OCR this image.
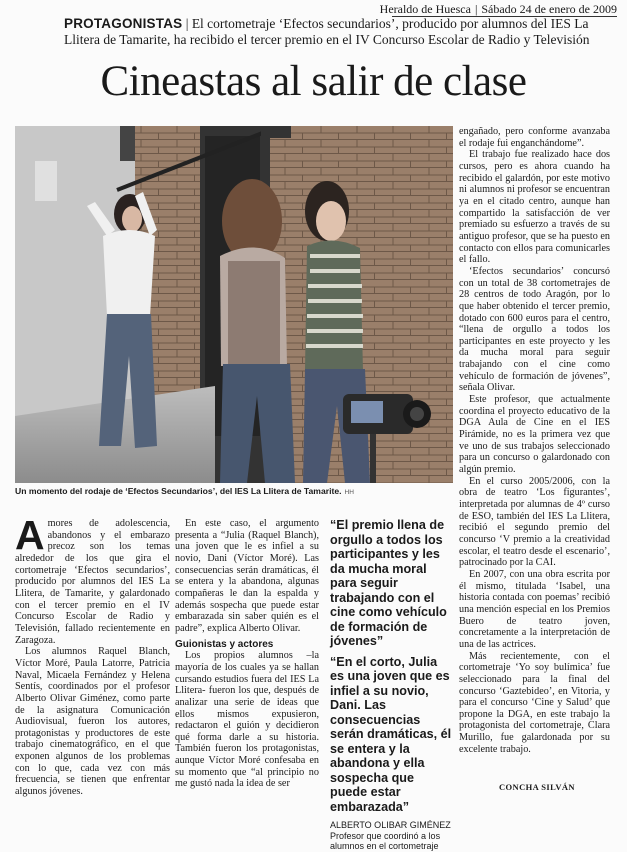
Heraldo de Huesca | Sábado 24 de enero de 2009
PROTAGONISTAS | El cortometraje ‘Efectos secundarios’, producido por alumnos del IES La Llitera de Tamarite, ha recibido el tercer premio en el IV Concurso Escolar de Radio y Televisión
Cineastas al salir de clase
Un momento del rodaje de ‘Efectos Secundarios’, del IES La Llitera de Tamarite. HH

engañado, pero conforme avanzaba el rodaje fui enganchándome”.

El trabajo fue realizado hace dos cursos, pero es ahora cuando ha recibido el galardón, por este motivo ni alumnos ni profesor se encuentran ya en el citado centro, aunque han compartido la satisfacción de ver premiado su esfuerzo a través de su antiguo profesor, que se ha puesto en contacto con ellos para comunicarles el fallo.

‘Efectos secundarios’ concursó con un total de 38 cortometrajes de 28 centros de todo Aragón, por lo que haber obtenido el tercer premio, dotado con 600 euros para el centro, “llena de orgullo a todos los participantes en este proyecto y les da mucha moral para seguir trabajando con el cine como vehículo de formación de jóvenes”, señala Olivar.

Este profesor, que actualmente coordina el proyecto educativo de la DGA Aula de Cine en el IES Pirámide, no es la primera vez que ve uno de sus trabajos seleccionado para un concurso o galardonado con algún premio.

En el curso 2005/2006, con la obra de teatro ‘Los figurantes’, interpretada por alumnas de 4º curso de ESO, también del IES La Llitera, recibió el segundo premio del concurso ‘V premio a la creatividad escolar, el teatro desde el escenario’, patrocinado por la CAI.

En 2007, con una obra escrita por él mismo, titulada ‘Isabel, una historia contada con poemas’ recibió una mención especial en los Premios Buero de teatro joven, concretamente a la interpretación de una de las actrices.

Más recientemente, con el cortometraje ‘Yo soy bulímica’ fue seleccionado para la final del concurso ‘Gaztebideo’, en Vitoria, y para el concurso ‘Cine y Salud’ que propone la DGA, en este trabajo la protagonista del cortometraje, Clara Murillo, fue galardonada por su excelente trabajo.

Amores de adolescencia, abandonos y el embarazo precoz son los temas alrededor de los que gira el cortometraje ‘Efectos secundarios’, producido por alumnos del IES La Llitera, de Tamarite, y galardonado con el tercer premio en el IV Concurso Escolar de Radio y Televisión, fallado recientemente en Zaragoza.

Los alumnos Raquel Blanch, Víctor Moré, Paula Latorre, Patricia Naval, Micaela Fernández y Helena Sentís, coordinados por el profesor Alberto Olivar Giménez, como parte de la asignatura Comunicación Audiovisual, fueron los autores, protagonistas y productores de este trabajo cinematográfico, en el que exponen algunos de los problemas con lo que, cada vez con más frecuencia, se tienen que enfrentar algunos jóvenes.

En este caso, el argumento presenta a “Julia (Raquel Blanch), una joven que le es infiel a su novio, Dani (Víctor Moré). Las consecuencias serán dramáticas, él se entera y la abandona, algunas compañeras le dan la espalda y además sospecha que puede estar embarazada sin saber quién es el padre”, explica Alberto Olivar.

Guionistas y actores

Los propios alumnos –la mayoría de los cuales ya se hallan cursando estudios fuera del IES La Llitera- fueron los que, después de analizar una serie de ideas que ellos mismos expusieron, redactaron el guión y decidieron qué forma darle a su historia. También fueron los protagonistas, aunque Víctor Moré confesaba en su momento que “al principio no me gustó nada la idea de ser

“El premio llena de orgullo a todos los participantes y les da mucha moral para seguir trabajando con el cine como vehículo de formación de jóvenes”

“En el corto, Julia es una joven que es infiel a su novio, Dani. Las consecuencias serán dramáticas, él se entera y la abandona y ella sospecha que puede estar embarazada”

ALBERTO OLIBAR GIMÉNEZ

Profesor que coordinó a los alumnos en el cortometraje

CONCHA SILVÁN
